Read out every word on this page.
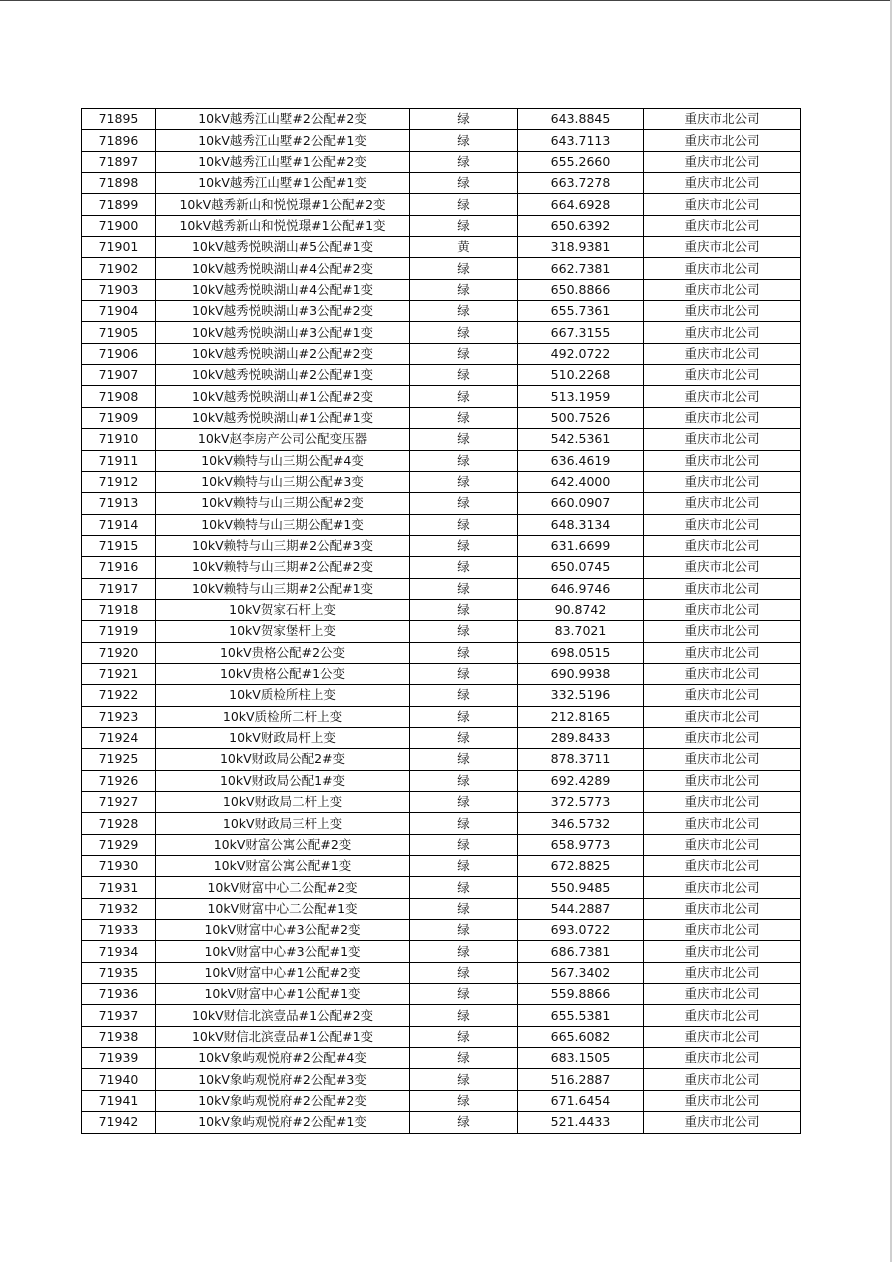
71895	10kV越秀江山墅#2公配#2变	绿	643.8845	重庆市北公司
71896	10kV越秀江山墅#2公配#1变	绿	643.7113	重庆市北公司
71897	10kV越秀江山墅#1公配#2变	绿	655.2660	重庆市北公司
71898	10kV越秀江山墅#1公配#1变	绿	663.7278	重庆市北公司
71899	10kV越秀新山和悦悦璟#1公配#2变	绿	664.6928	重庆市北公司
71900	10kV越秀新山和悦悦璟#1公配#1变	绿	650.6392	重庆市北公司
71901	10kV越秀悦映湖山#5公配#1变	黄	318.9381	重庆市北公司
71902	10kV越秀悦映湖山#4公配#2变	绿	662.7381	重庆市北公司
71903	10kV越秀悦映湖山#4公配#1变	绿	650.8866	重庆市北公司
71904	10kV越秀悦映湖山#3公配#2变	绿	655.7361	重庆市北公司
71905	10kV越秀悦映湖山#3公配#1变	绿	667.3155	重庆市北公司
71906	10kV越秀悦映湖山#2公配#2变	绿	492.0722	重庆市北公司
71907	10kV越秀悦映湖山#2公配#1变	绿	510.2268	重庆市北公司
71908	10kV越秀悦映湖山#1公配#2变	绿	513.1959	重庆市北公司
71909	10kV越秀悦映湖山#1公配#1变	绿	500.7526	重庆市北公司
71910	10kV赵李房产公司公配变压器	绿	542.5361	重庆市北公司
71911	10kV赖特与山三期公配#4变	绿	636.4619	重庆市北公司
71912	10kV赖特与山三期公配#3变	绿	642.4000	重庆市北公司
71913	10kV赖特与山三期公配#2变	绿	660.0907	重庆市北公司
71914	10kV赖特与山三期公配#1变	绿	648.3134	重庆市北公司
71915	10kV赖特与山三期#2公配#3变	绿	631.6699	重庆市北公司
71916	10kV赖特与山三期#2公配#2变	绿	650.0745	重庆市北公司
71917	10kV赖特与山三期#2公配#1变	绿	646.9746	重庆市北公司
71918	10kV贺家石杆上变	绿	90.8742	重庆市北公司
71919	10kV贺家堡杆上变	绿	83.7021	重庆市北公司
71920	10kV贵格公配#2公变	绿	698.0515	重庆市北公司
71921	10kV贵格公配#1公变	绿	690.9938	重庆市北公司
71922	10kV质检所柱上变	绿	332.5196	重庆市北公司
71923	10kV质检所二杆上变	绿	212.8165	重庆市北公司
71924	10kV财政局杆上变	绿	289.8433	重庆市北公司
71925	10kV财政局公配2#变	绿	878.3711	重庆市北公司
71926	10kV财政局公配1#变	绿	692.4289	重庆市北公司
71927	10kV财政局二杆上变	绿	372.5773	重庆市北公司
71928	10kV财政局三杆上变	绿	346.5732	重庆市北公司
71929	10kV财富公寓公配#2变	绿	658.9773	重庆市北公司
71930	10kV财富公寓公配#1变	绿	672.8825	重庆市北公司
71931	10kV财富中心二公配#2变	绿	550.9485	重庆市北公司
71932	10kV财富中心二公配#1变	绿	544.2887	重庆市北公司
71933	10kV财富中心#3公配#2变	绿	693.0722	重庆市北公司
71934	10kV财富中心#3公配#1变	绿	686.7381	重庆市北公司
71935	10kV财富中心#1公配#2变	绿	567.3402	重庆市北公司
71936	10kV财富中心#1公配#1变	绿	559.8866	重庆市北公司
71937	10kV财信北滨壹品#1公配#2变	绿	655.5381	重庆市北公司
71938	10kV财信北滨壹品#1公配#1变	绿	665.6082	重庆市北公司
71939	10kV象屿观悦府#2公配#4变	绿	683.1505	重庆市北公司
71940	10kV象屿观悦府#2公配#3变	绿	516.2887	重庆市北公司
71941	10kV象屿观悦府#2公配#2变	绿	671.6454	重庆市北公司
71942	10kV象屿观悦府#2公配#1变	绿	521.4433	重庆市北公司
